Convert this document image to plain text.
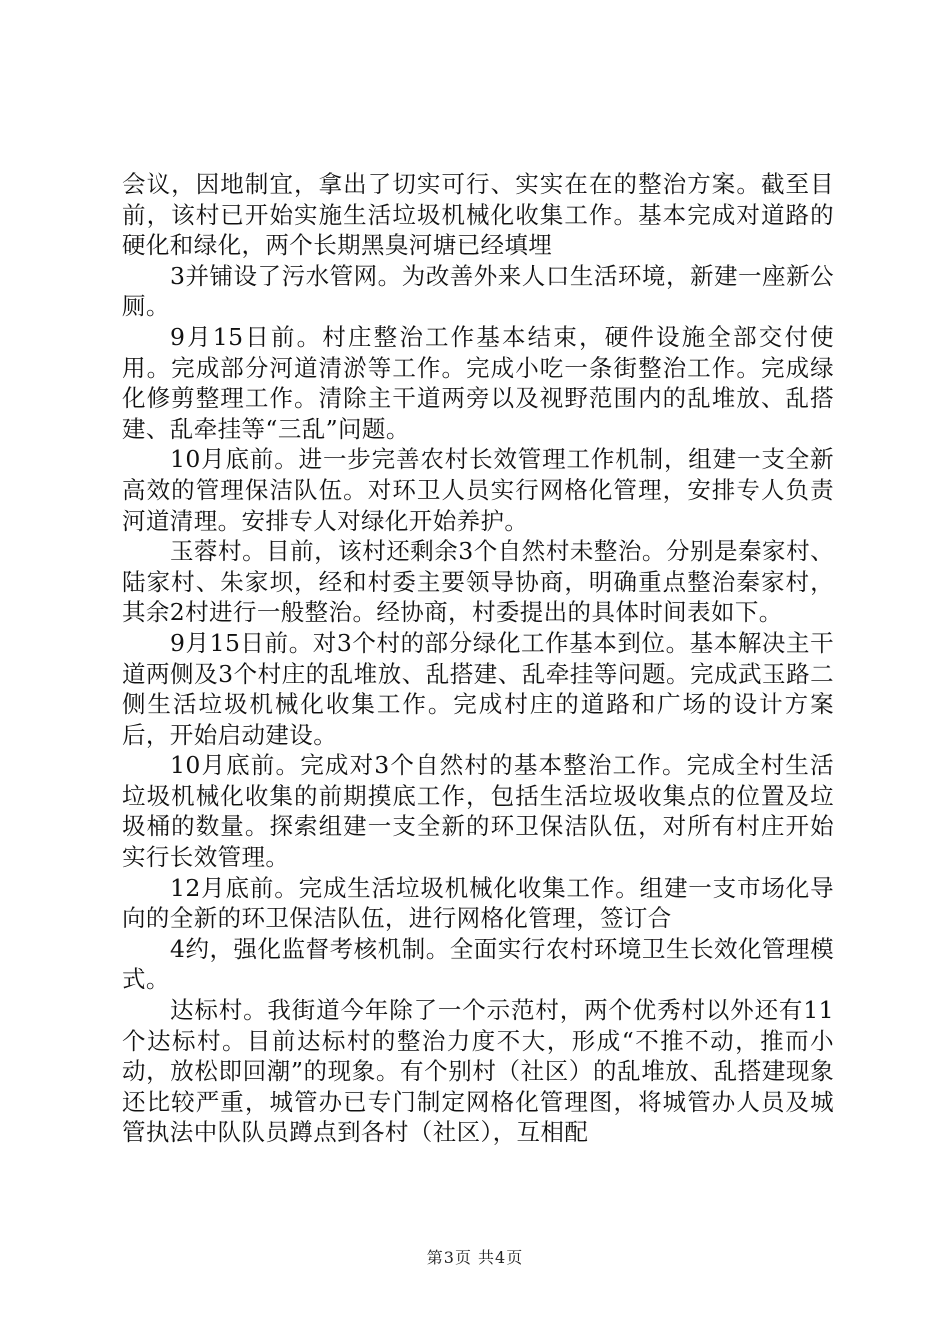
会议，因地制宜，拿出了切实可行、实实在在的整治方案。截至目前，该村已开始实施生活垃圾机械化收集工作。基本完成对道路的硬化和绿化，两个长期黑臭河塘已经填埋

3并铺设了污水管网。为改善外来人口生活环境，新建一座新公厕。

9月15日前。村庄整治工作基本结束，硬件设施全部交付使用。完成部分河道清淤等工作。完成小吃一条街整治工作。完成绿化修剪整理工作。清除主干道两旁以及视野范围内的乱堆放、乱搭建、乱牵挂等“三乱”问题。

10月底前。进一步完善农村长效管理工作机制，组建一支全新高效的管理保洁队伍。对环卫人员实行网格化管理，安排专人负责河道清理。安排专人对绿化开始养护。

玉蓉村。目前，该村还剩余3个自然村未整治。分别是秦家村、陆家村、朱家坝，经和村委主要领导协商，明确重点整治秦家村，其余2村进行一般整治。经协商，村委提出的具体时间表如下。

9月15日前。对3个村的部分绿化工作基本到位。基本解决主干道两侧及3个村庄的乱堆放、乱搭建、乱牵挂等问题。完成武玉路二侧生活垃圾机械化收集工作。完成村庄的道路和广场的设计方案后，开始启动建设。

10月底前。完成对3个自然村的基本整治工作。完成全村生活垃圾机械化收集的前期摸底工作，包括生活垃圾收集点的位置及垃圾桶的数量。探索组建一支全新的环卫保洁队伍，对所有村庄开始实行长效管理。

12月底前。完成生活垃圾机械化收集工作。组建一支市场化导向的全新的环卫保洁队伍，进行网格化管理，签订合

4约，强化监督考核机制。全面实行农村环境卫生长效化管理模式。

达标村。我街道今年除了一个示范村，两个优秀村以外还有11个达标村。目前达标村的整治力度不大，形成“不推不动，推而小动，放松即回潮”的现象。有个别村（社区）的乱堆放、乱搭建现象还比较严重，城管办已专门制定网格化管理图，将城管办人员及城管执法中队队员蹲点到各村（社区），互相配

第3页 共4页
